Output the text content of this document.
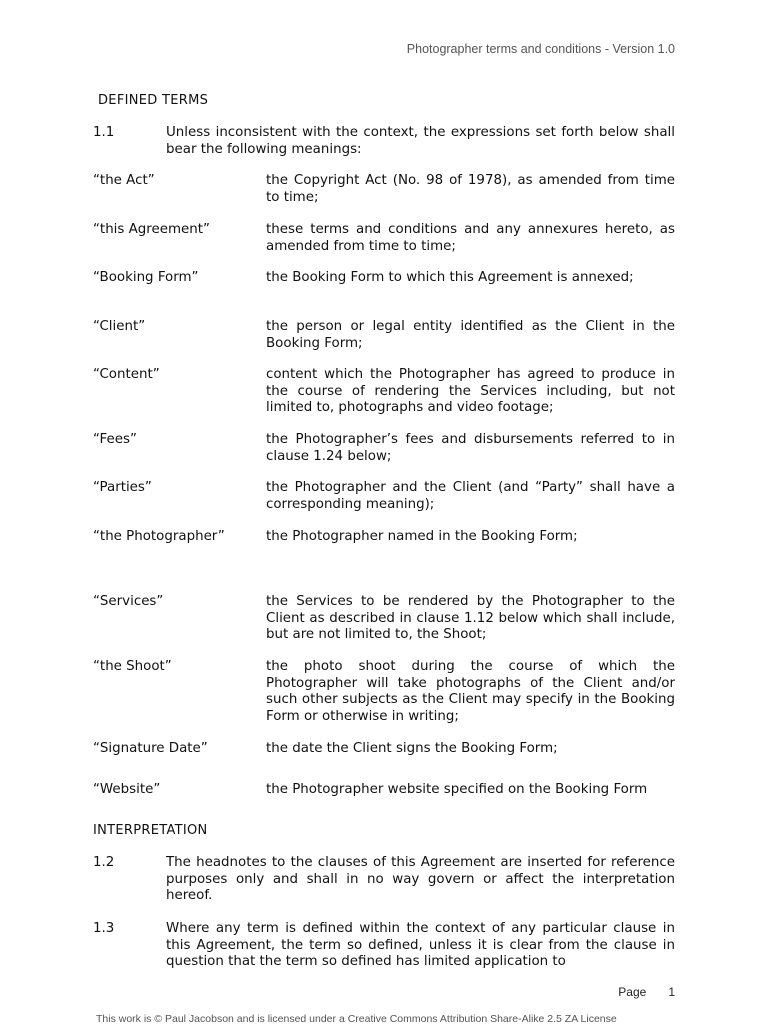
Photographer terms and conditions - Version 1.0
DEFINED TERMS
1.1	Unless inconsistent with the context, the expressions set forth below shall bear the following meanings:
“the Act”	the Copyright Act (No. 98 of 1978), as amended from time to time;
“this Agreement”	these terms and conditions and any annexures hereto, as amended from time to time;
“Booking Form”	the Booking Form to which this Agreement is annexed;
“Client”	the person or legal entity identified as the Client in the Booking Form;
“Content”	content which the Photographer has agreed to produce in the course of rendering the Services including, but not limited to, photographs and video footage;
“Fees”	the Photographer’s fees and disbursements referred to in clause 1.24 below;
“Parties”	the Photographer and the Client (and “Party” shall have a corresponding meaning);
“the Photographer”	the Photographer named in the Booking Form;
“Services”	the Services to be rendered by the Photographer to the Client as described in clause 1.12 below which shall include, but are not limited to, the Shoot;
“the Shoot”	the photo shoot during the course of which the Photographer will take photographs of the Client and/or such other subjects as the Client may specify in the Booking Form or otherwise in writing;
“Signature Date”	the date the Client signs the Booking Form;
“Website”	the Photographer website specified on the Booking Form
INTERPRETATION
1.2	The headnotes to the clauses of this Agreement are inserted for reference purposes only and shall in no way govern or affect the interpretation hereof.
1.3	Where any term is defined within the context of any particular clause in this Agreement, the term so defined, unless it is clear from the clause in question that the term so defined has limited application to
Page 1
This work is © Paul Jacobson and is licensed under a Creative Commons Attribution Share-Alike 2.5 ZA License
